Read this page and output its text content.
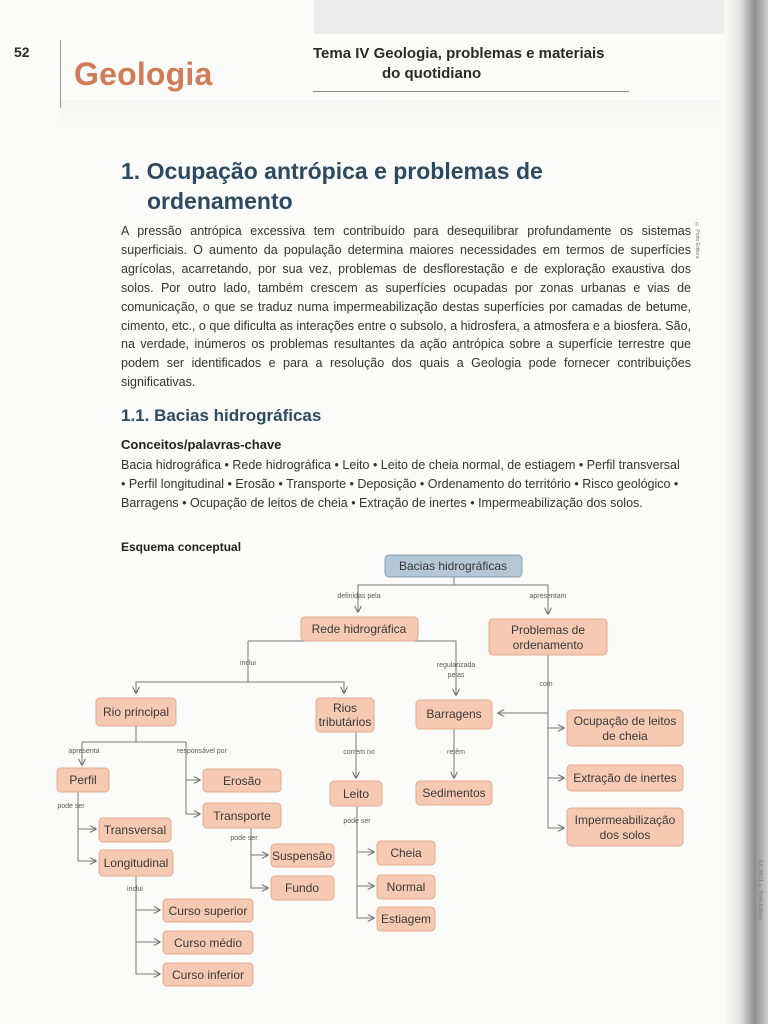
52
Geologia
Tema IV Geologia, problemas e materiais
do quotidiano
1. Ocupação antrópica e problemas de
ordenamento
A pressão antrópica excessiva tem contribuído para desequilibrar profundamente os sistemas superficiais. O aumento da população determina maiores necessidades em termos de superfícies agrícolas, acarretando, por sua vez, problemas de desflorestação e de exploração exaustiva dos solos. Por outro lado, também crescem as superfícies ocupadas por zonas urbanas e vias de comunicação, o que se traduz numa impermeabilização destas superfícies por camadas de betume, cimento, etc., o que dificulta as interações entre o subsolo, a hidrosfera, a atmosfera e a biosfera. São, na verdade, inúmeros os problemas resultantes da ação antrópica sobre a superfície terrestre que podem ser identificados e para a resolução dos quais a Geologia pode fornecer contribuições significativas.
© Porto Editora
1.1. Bacias hidrográficas
Conceitos/palavras-chave
Bacia hidrográfica • Rede hidrográfica • Leito • Leito de cheia normal, de estiagem • Perfil transversal • Perfil longitudinal • Erosão • Transporte • Deposição • Ordenamento do território • Risco geológico • Barragens • Ocupação de leitos de cheia • Extração de inertes • Impermeabilização dos solos.
Esquema conceptual
Bacias hidrográficas
Rede hidrográfica	Problemas de
ordenamento
Rio principal	Rios
tributários
Barragens	Ocupação de leitos
de cheia
Perfil	Erosão
Leito	Sedimentos
Extração de inertes
Transporte	Impermeabilização
dos solos
Transversal
Longitudinal	Suspensão	Cheia
Fundo	Normal
Curso superior
Estiagem
Curso médio
Curso inferior
definidas pela	apresentam
inclui	regularizada
pelas
com
apresenta	responsável por	correm no	retêm
pode ser
pode ser
pode ser
inclui	EX_BG11 © Porto Editora
